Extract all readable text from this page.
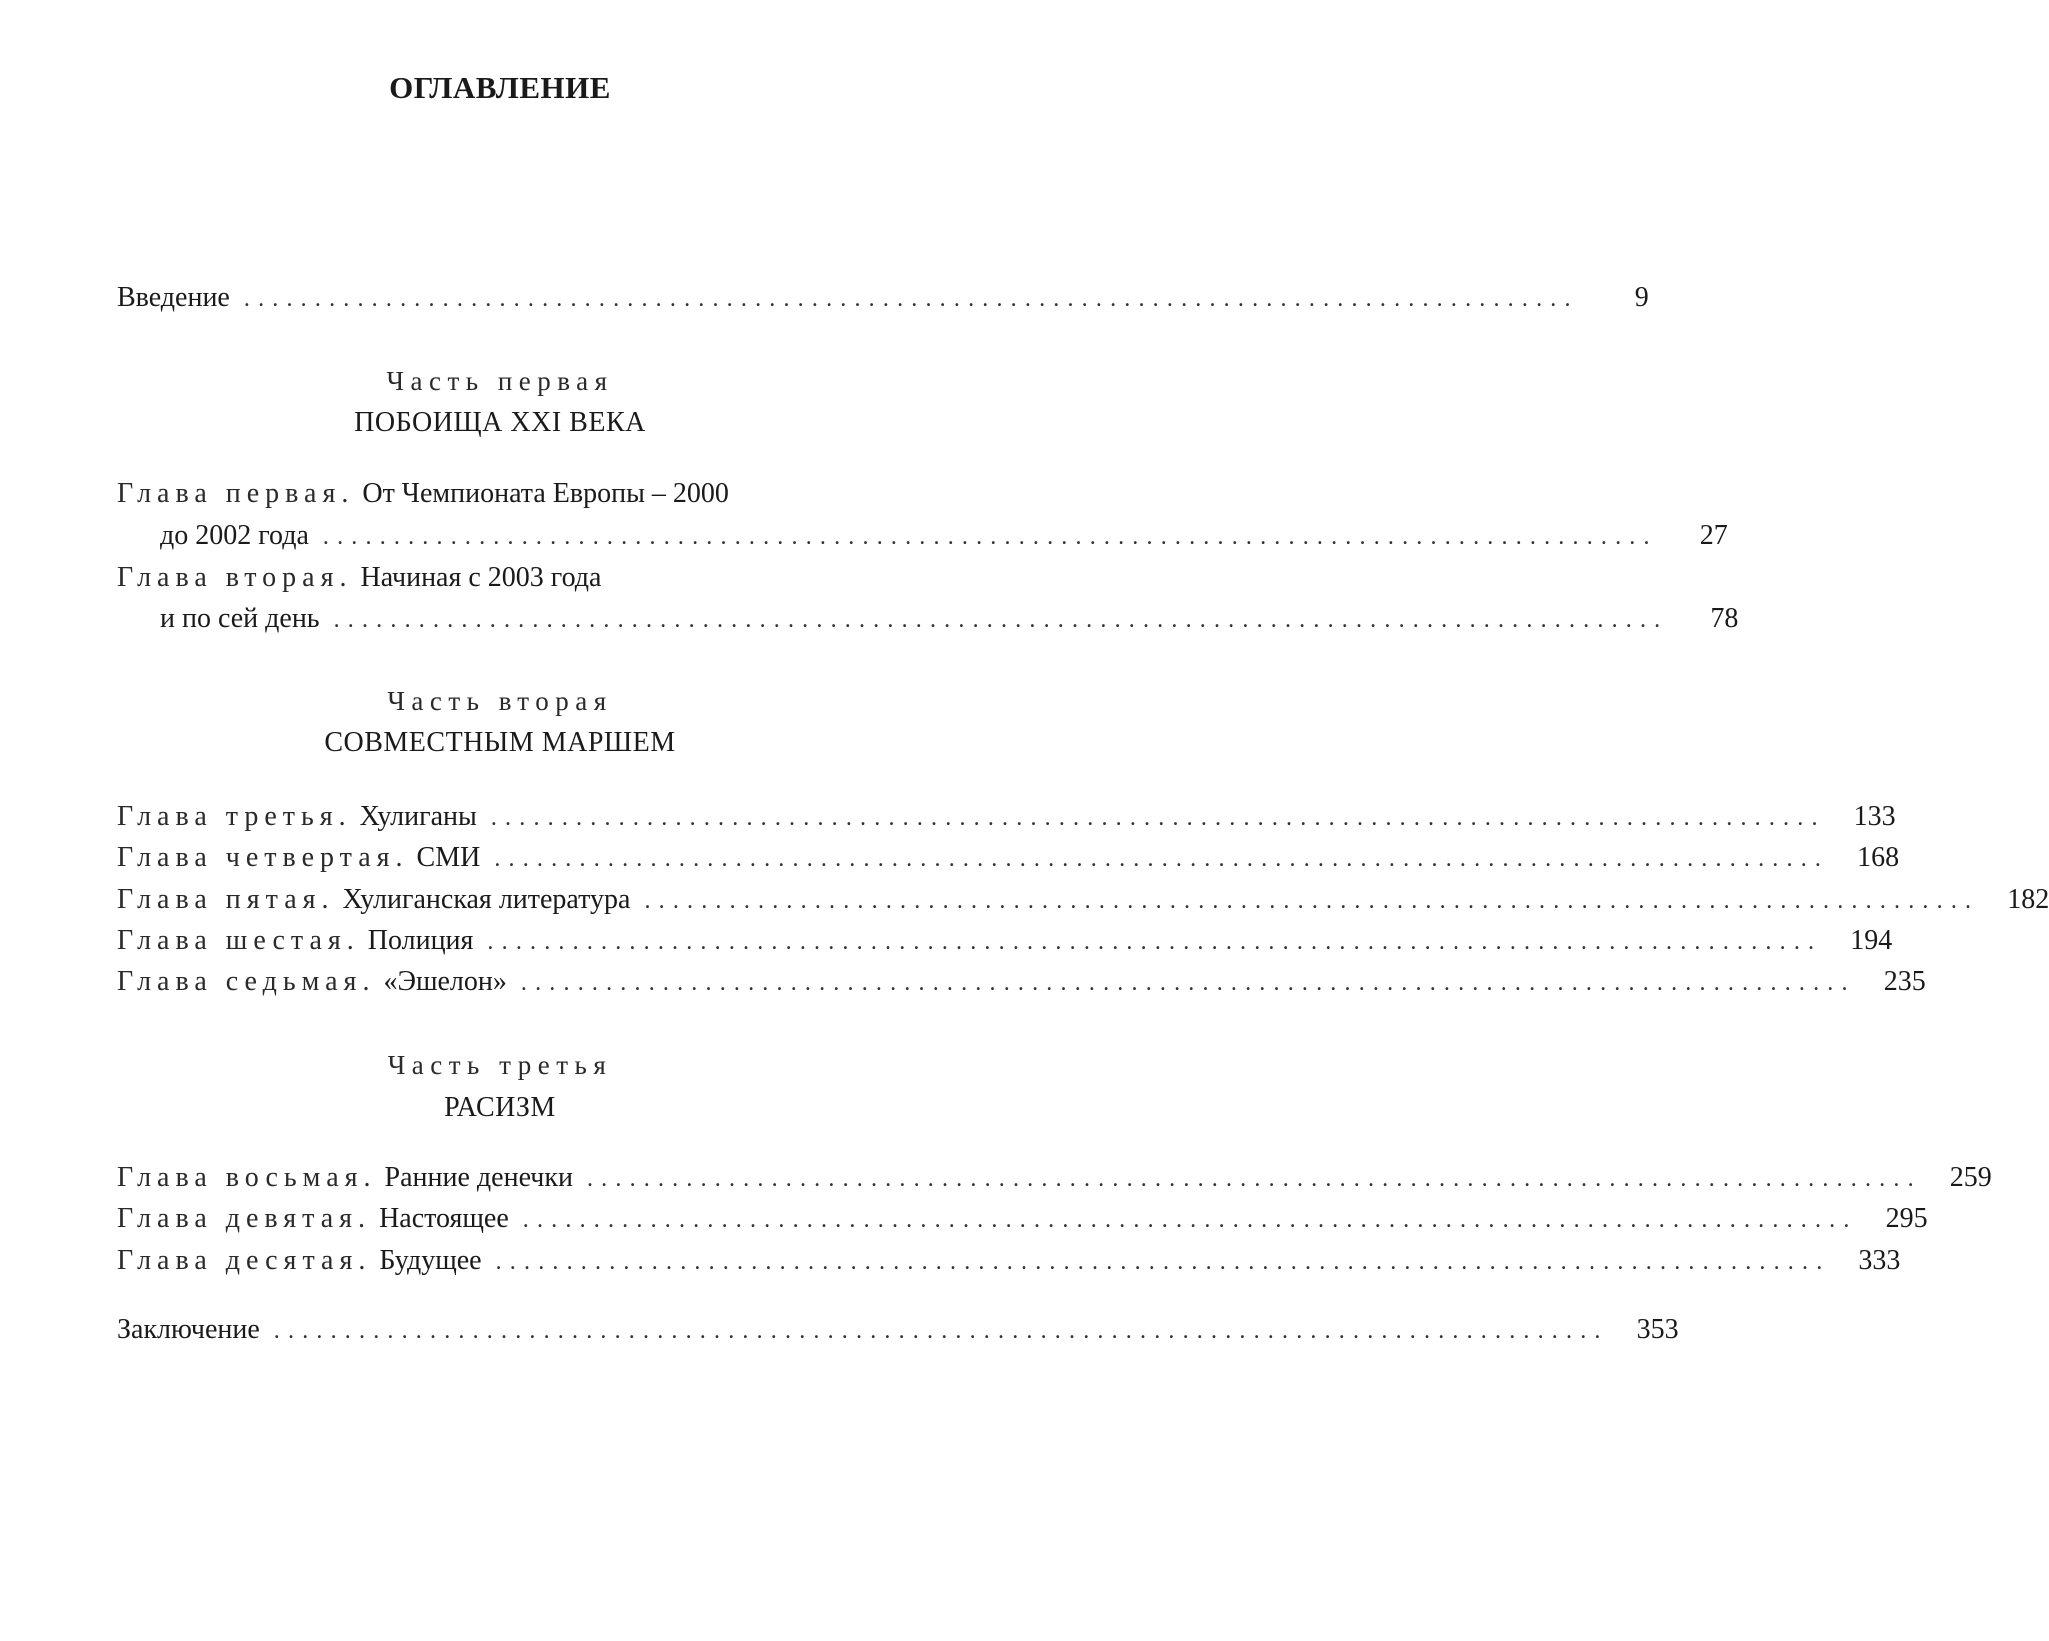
ОГЛАВЛЕНИЕ
Введение ..............................................................................................	9
Часть первая
ПОБОИЩА XXI ВЕКА
Глава первая. От Чемпионата Европы – 2000
до 2002 года ..............................................................................................	27
Глава вторая. Начиная с 2003 года
и по сей день ..............................................................................................	78
Часть вторая
СОВМЕСТНЫМ МАРШЕМ
Глава третья. Хулиганы ..............................................................................................	133
Глава четвертая. СМИ ..............................................................................................	168
Глава пятая. Хулиганская литература ..............................................................................................	182
Глава шестая. Полиция ..............................................................................................	194
Глава седьмая. «Эшелон» ..............................................................................................	235
Часть третья
РАСИЗМ
Глава восьмая. Ранние денечки ..............................................................................................	259
Глава девятая. Настоящее ..............................................................................................	295
Глава десятая. Будущее ..............................................................................................	333
Заключение ..............................................................................................	353
